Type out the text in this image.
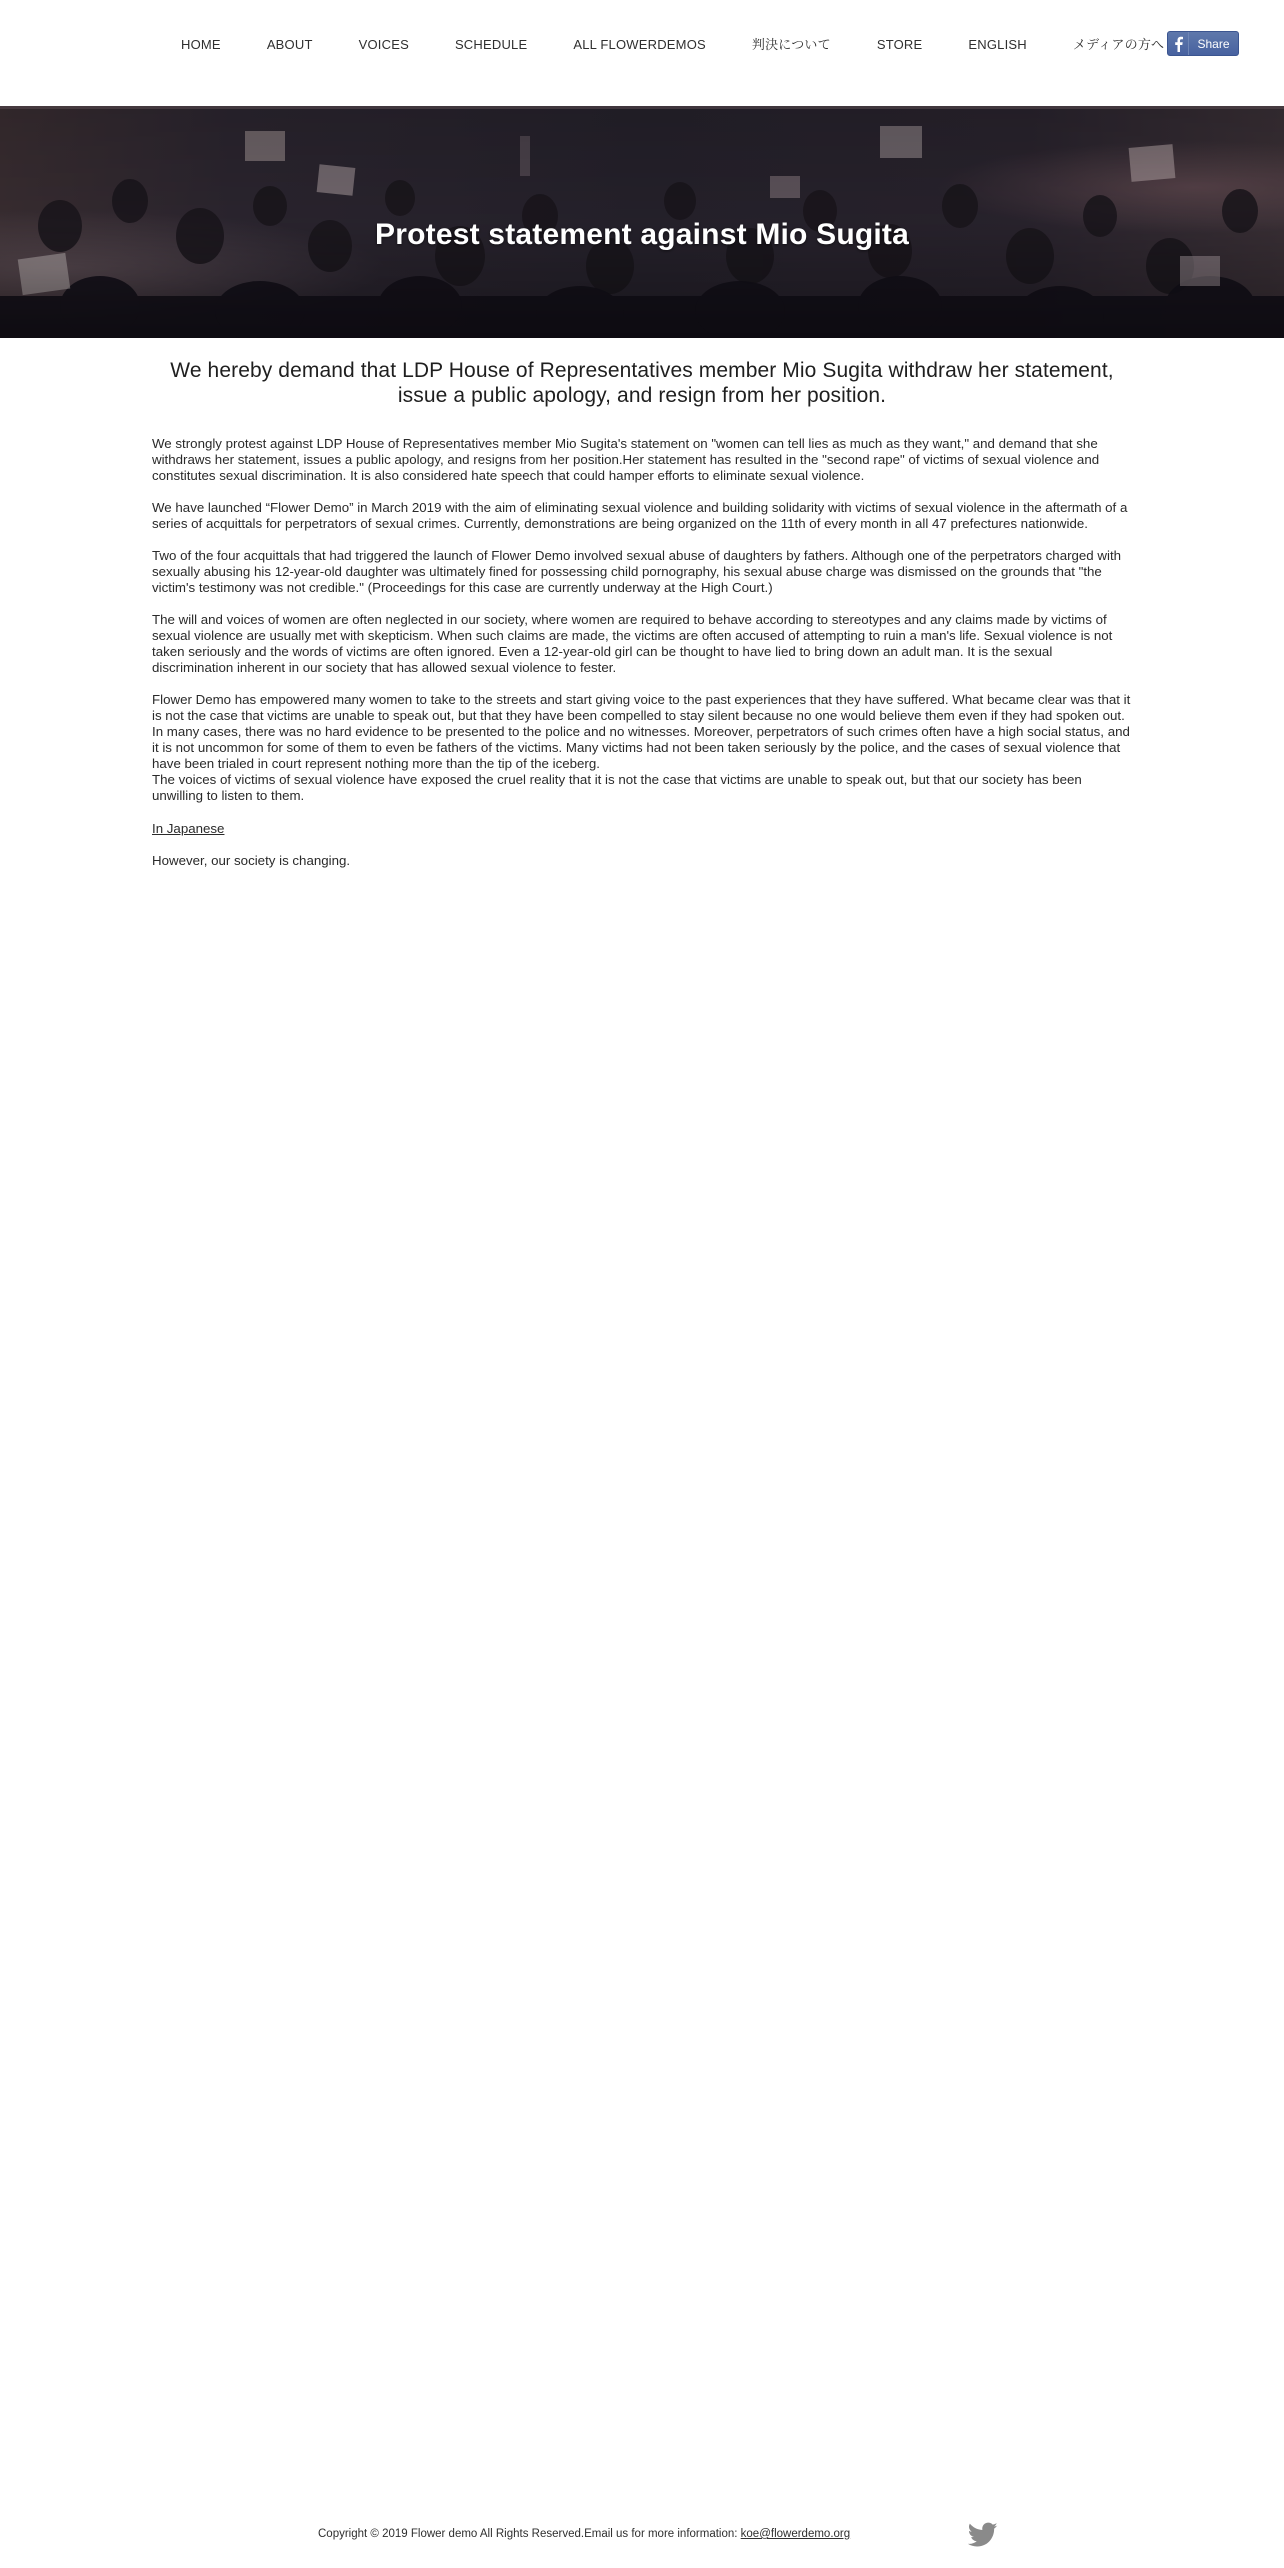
HOME	ABOUT	VOICES	SCHEDULE	ALL FLOWERDEMOS	判決について	STORE	ENGLISH	メディアの方へ	Share
Protest statement against Mio Sugita
We hereby demand that LDP House of Representatives member Mio Sugita withdraw her statement, issue a public apology, and resign from her position.

We strongly protest against LDP House of Representatives member Mio Sugita's statement on "women can tell lies as much as they want," and demand that she withdraws her statement, issues a public apology, and resigns from her position.Her statement has resulted in the "second rape" of victims of sexual violence and constitutes sexual discrimination. It is also considered hate speech that could hamper efforts to eliminate sexual violence.

We have launched “Flower Demo” in March 2019 with the aim of eliminating sexual violence and building solidarity with victims of sexual violence in the aftermath of a series of acquittals for perpetrators of sexual crimes. Currently, demonstrations are being organized on the 11th of every month in all 47 prefectures nationwide.

Two of the four acquittals that had triggered the launch of Flower Demo involved sexual abuse of daughters by fathers. Although one of the perpetrators charged with sexually abusing his 12-year-old daughter was ultimately fined for possessing child pornography, his sexual abuse charge was dismissed on the grounds that "the victim's testimony was not credible." (Proceedings for this case are currently underway at the High Court.)

The will and voices of women are often neglected in our society, where women are required to behave according to stereotypes and any claims made by victims of sexual violence are usually met with skepticism. When such claims are made, the victims are often accused of attempting to ruin a man's life. Sexual violence is not taken seriously and the words of victims are often ignored. Even a 12-year-old girl can be thought to have lied to bring down an adult man. It is the sexual discrimination inherent in our society that has allowed sexual violence to fester.

Flower Demo has empowered many women to take to the streets and start giving voice to the past experiences that they have suffered. What became clear was that it is not the case that victims are unable to speak out, but that they have been compelled to stay silent because no one would believe them even if they had spoken out. In many cases, there was no hard evidence to be presented to the police and no witnesses. Moreover, perpetrators of such crimes often have a high social status, and it is not uncommon for some of them to even be fathers of the victims. Many victims had not been taken seriously by the police, and the cases of sexual violence that have been trialed in court represent nothing more than the tip of the iceberg.

The voices of victims of sexual violence have exposed the cruel reality that it is not the case that victims are unable to speak out, but that our society has been unwilling to listen to them.

In Japanese

However, our society is changing.

Copyright © 2019 Flower demo All Rights Reserved.Email us for more information: koe@flowerdemo.org
